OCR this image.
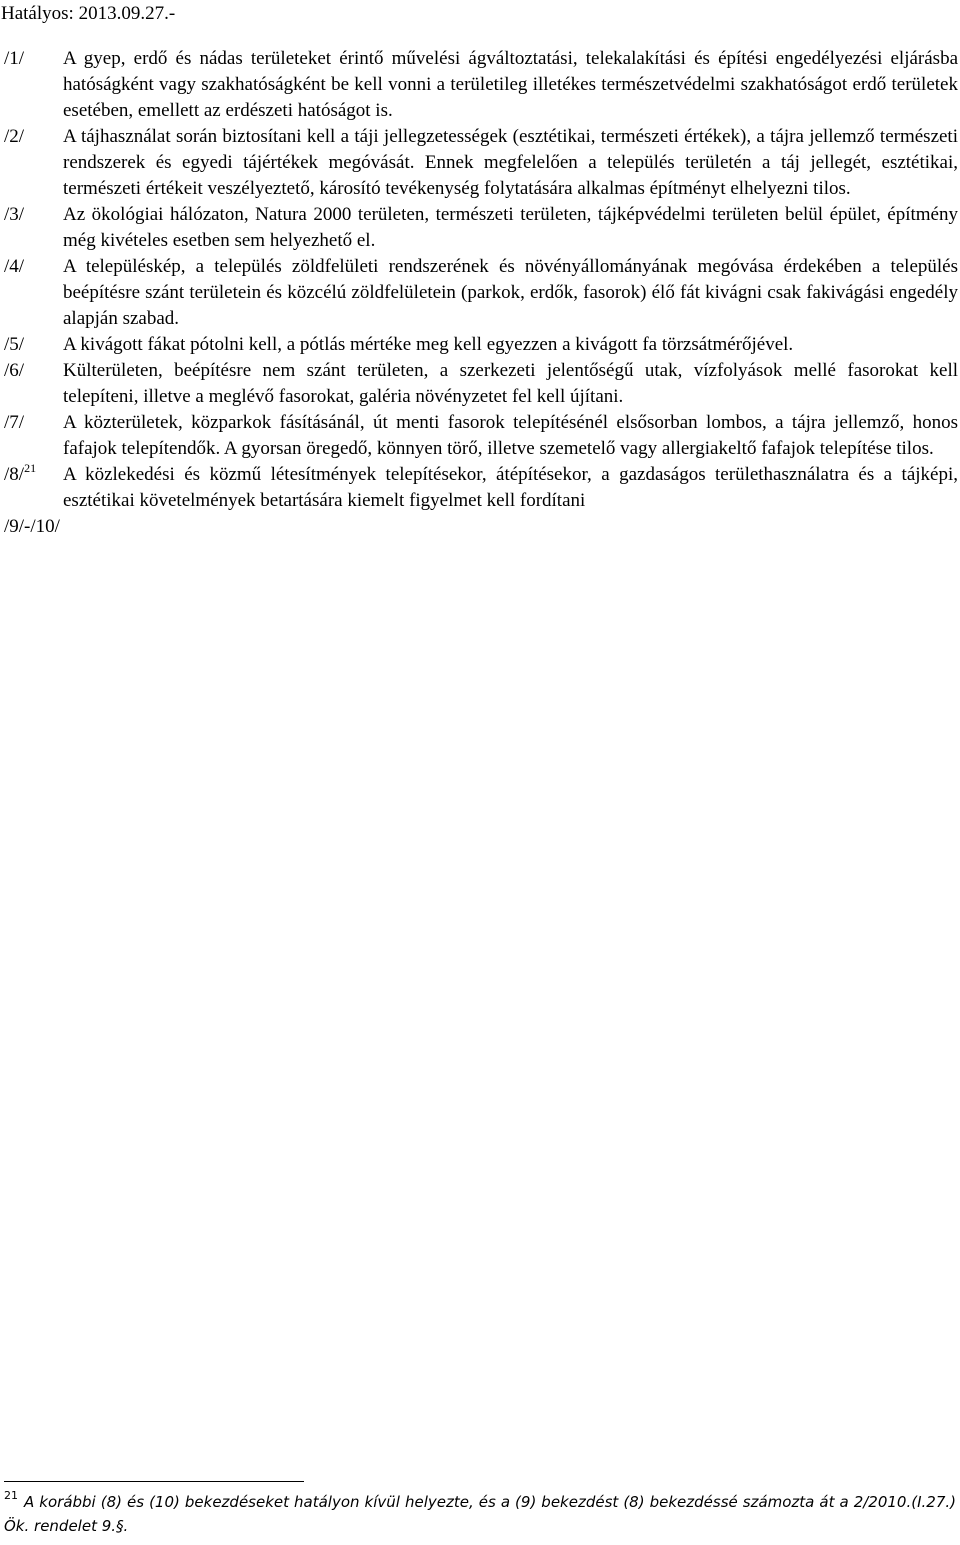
Hatályos: 2013.09.27.-
/1/	A gyep, erdő és nádas területeket érintő művelési ágváltoztatási, telekalakítási és építési engedélyezési eljárásba hatóságként vagy szakhatóságként be kell vonni a területileg illetékes természetvédelmi szakhatóságot erdő területek esetében, emellett az erdészeti hatóságot is.
/2/	A tájhasználat során biztosítani kell a táji jellegzetességek (esztétikai, természeti értékek), a tájra jellemző természeti rendszerek és egyedi tájértékek megóvását. Ennek megfelelően a település területén a táj jellegét, esztétikai, természeti értékeit veszélyeztető, károsító tevékenység folytatására alkalmas építményt elhelyezni tilos.
/3/	Az ökológiai hálózaton, Natura 2000 területen, természeti területen, tájképvédelmi területen belül épület, építmény még kivételes esetben sem helyezhető el.
/4/	A településkép, a település zöldfelületi rendszerének és növényállományának megóvása érdekében a település beépítésre szánt területein és közcélú zöldfelületein (parkok, erdők, fasorok) élő fát kivágni csak fakivágási engedély alapján szabad.
/5/	A kivágott fákat pótolni kell, a pótlás mértéke meg kell egyezzen a kivágott fa törzsátmérőjével.
/6/	Külterületen, beépítésre nem szánt területen, a szerkezeti jelentőségű utak, vízfolyások mellé fasorokat kell telepíteni, illetve a meglévő fasorokat, galéria növényzetet fel kell újítani.
/7/	A közterületek, közparkok fásításánál, út menti fasorok telepítésénél elsősorban lombos, a tájra jellemző, honos fafajok telepítendők. A gyorsan öregedő, könnyen törő, illetve szemetelő vagy allergiakeltő fafajok telepítése tilos.
/8/$^{21}$	A közlekedési és közmű létesítmények telepítésekor, átépítésekor, a gazdaságos területhasználatra és a tájképi, esztétikai követelmények betartására kiemelt figyelmet kell fordítani
/9/-/10/
$^{21}$ A korábbi (8) és (10) bekezdéseket hatályon kívül helyezte, és a (9) bekezdést (8) bekezdéssé számozta át a 2/2010.(I.27.) Ök. rendelet 9.§.
